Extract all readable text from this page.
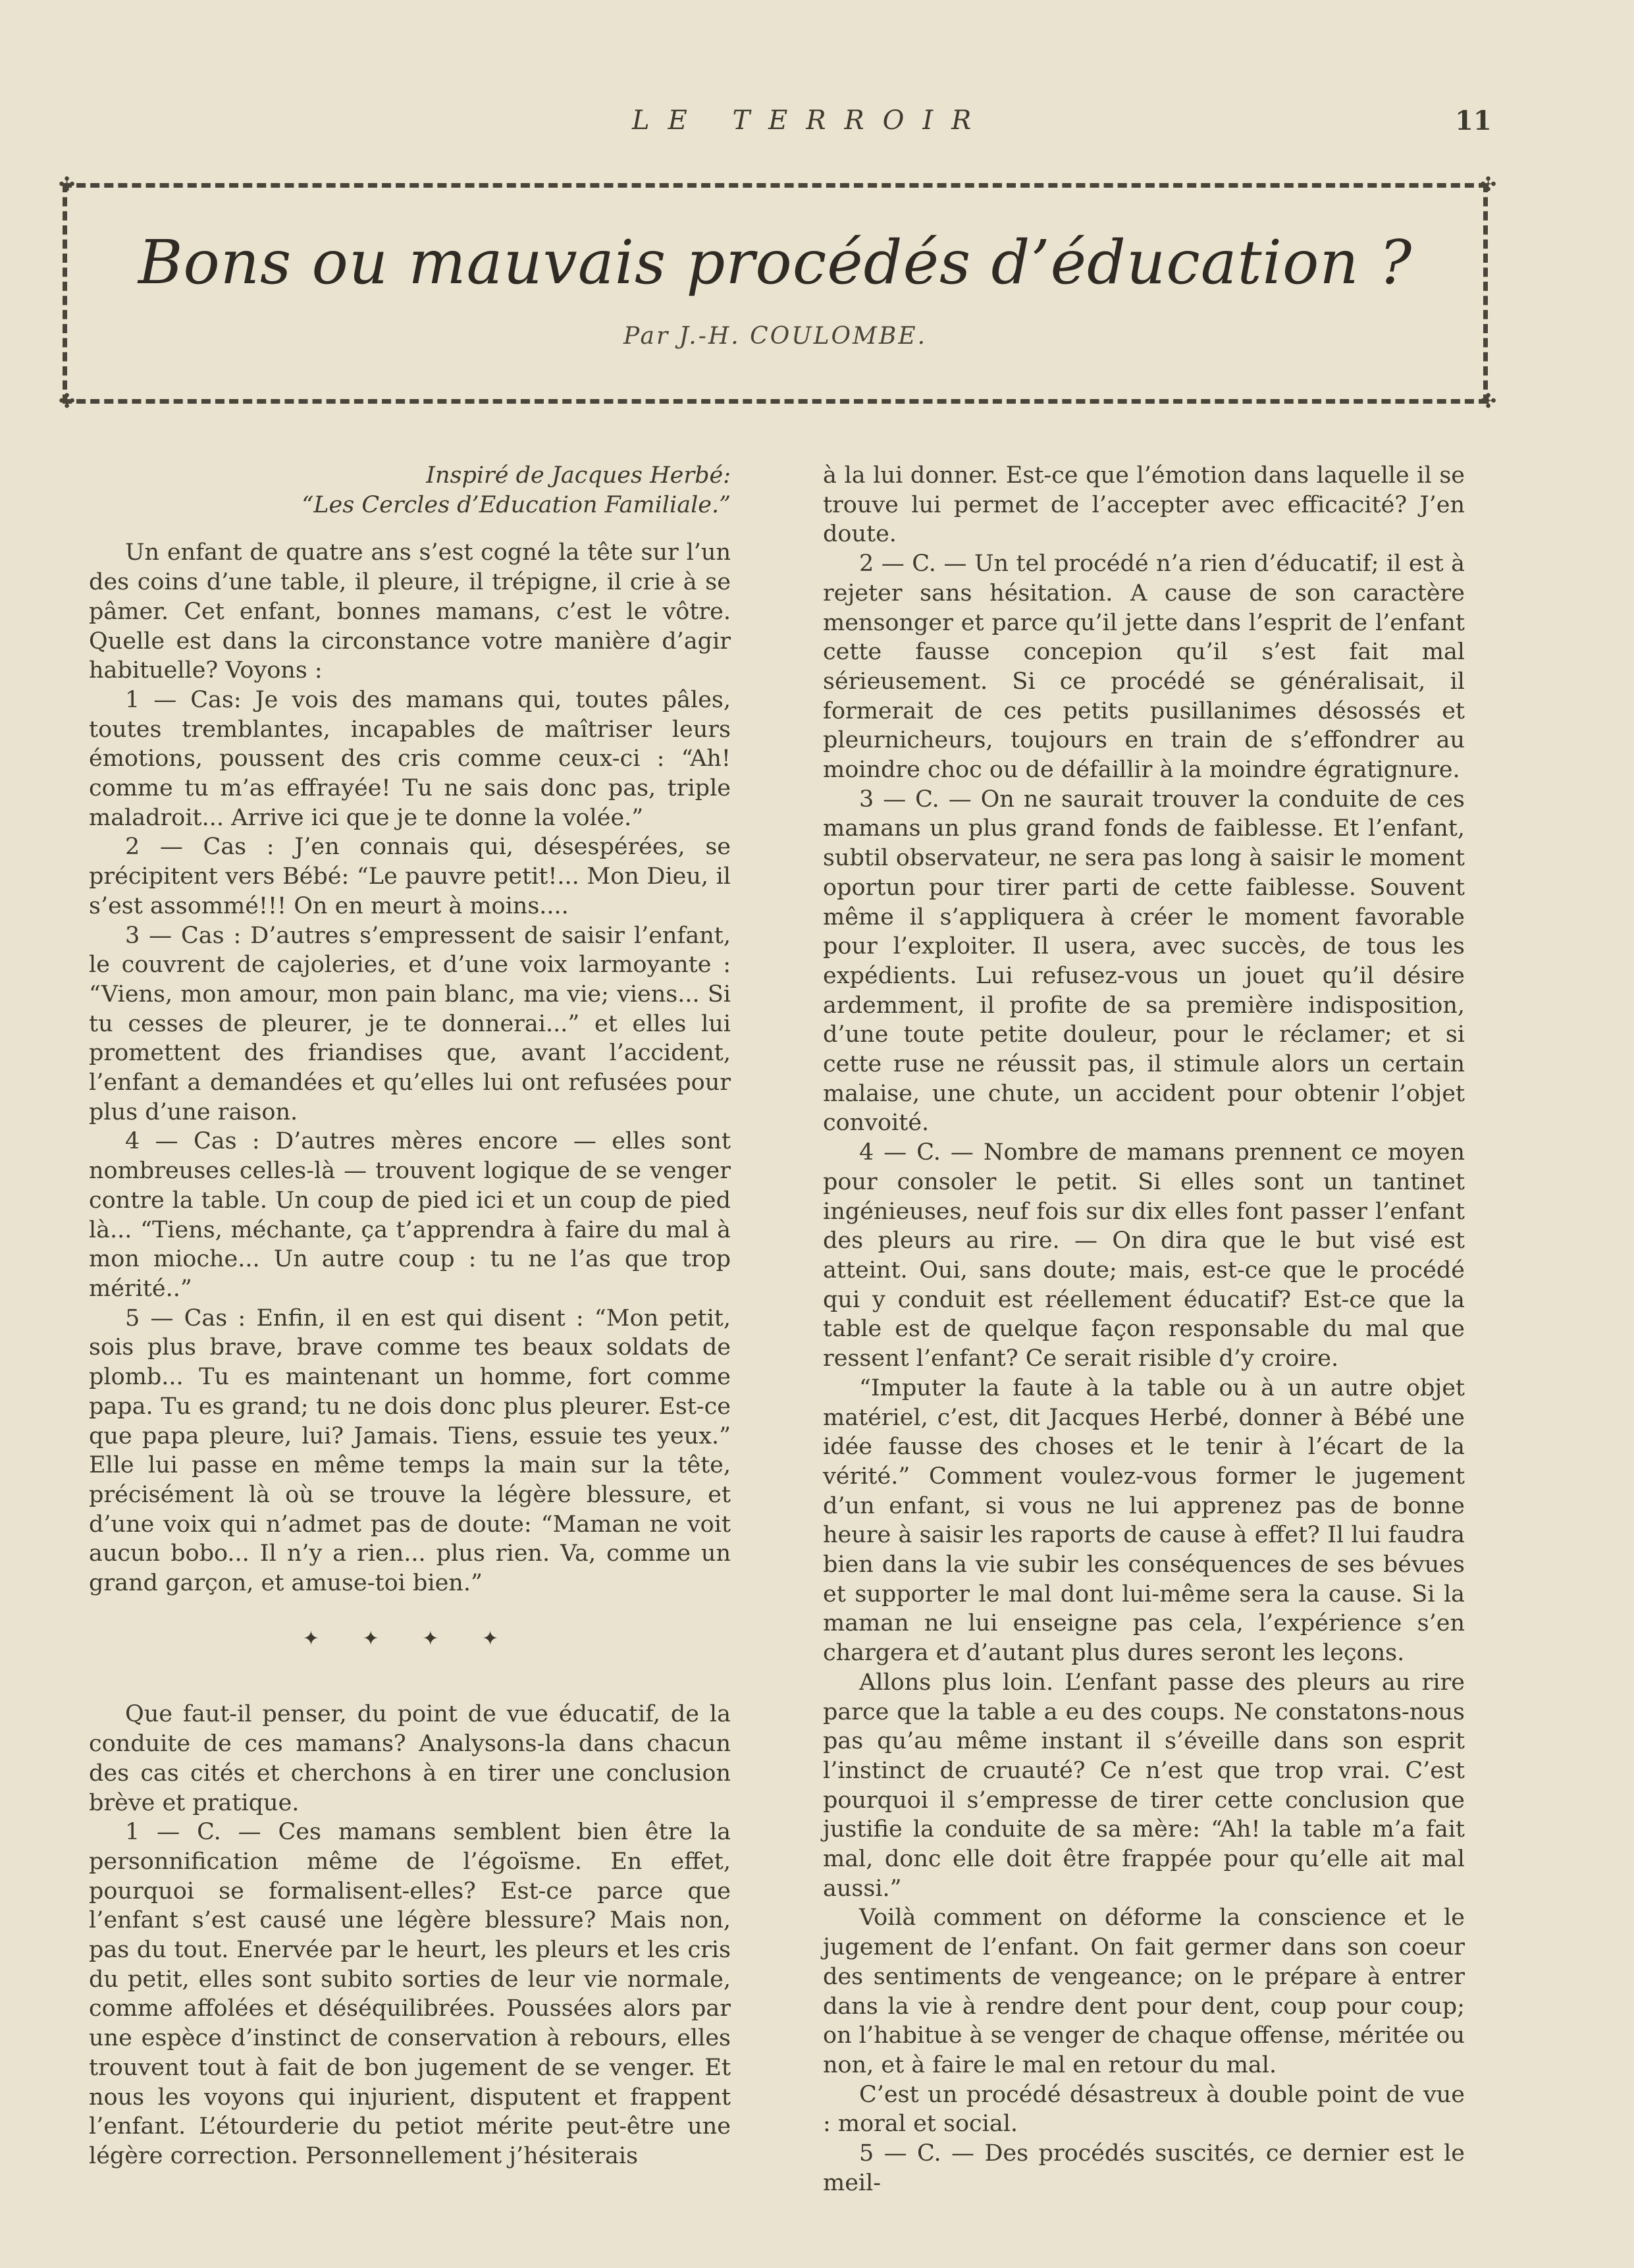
LE TERROIR	11
✣	✣
✣	✣
Bons ou mauvais procédés d’éducation ?
Par J.-H. COULOMBE.
Inspiré de Jacques Herbé:
“Les Cercles d’Education Familiale.”

Un enfant de quatre ans s’est cogné la tête sur l’un des coins d’une table, il pleure, il trépigne, il crie à se pâmer. Cet enfant, bonnes mamans, c’est le vôtre. Quelle est dans la circonstance votre manière d’agir habituelle? Voyons :

1 — Cas: Je vois des mamans qui, toutes pâles, toutes tremblantes, incapables de maîtriser leurs émotions, poussent des cris comme ceux-ci : “Ah! comme tu m’as effrayée! Tu ne sais donc pas, triple maladroit... Arrive ici que je te donne la volée.”

2 — Cas : J’en connais qui, désespérées, se précipitent vers Bébé: “Le pauvre petit!... Mon Dieu, il s’est assommé!!! On en meurt à moins....

3 — Cas : D’autres s’empressent de saisir l’enfant, le couvrent de cajoleries, et d’une voix larmoyante : “Viens, mon amour, mon pain blanc, ma vie; viens... Si tu cesses de pleurer, je te donnerai...” et elles lui promettent des friandises que, avant l’accident, l’enfant a demandées et qu’elles lui ont refusées pour plus d’une raison.

4 — Cas : D’autres mères encore — elles sont nombreuses celles-là — trouvent logique de se venger contre la table. Un coup de pied ici et un coup de pied là... “Tiens, méchante, ça t’apprendra à faire du mal à mon mioche... Un autre coup : tu ne l’as que trop mérité..”

5 — Cas : Enfin, il en est qui disent : “Mon petit, sois plus brave, brave comme tes beaux soldats de plomb... Tu es maintenant un homme, fort comme papa. Tu es grand; tu ne dois donc plus pleurer. Est-ce que papa pleure, lui? Jamais. Tiens, essuie tes yeux.” Elle lui passe en même temps la main sur la tête, précisément là où se trouve la légère blessure, et d’une voix qui n’admet pas de doute: “Maman ne voit aucun bobo... Il n’y a rien... plus rien. Va, comme un grand garçon, et amuse-toi bien.”

✦ ✦ ✦ ✦

Que faut-il penser, du point de vue éducatif, de la conduite de ces mamans? Analysons-la dans chacun des cas cités et cherchons à en tirer une conclusion brève et pratique.

1 — C. — Ces mamans semblent bien être la personnification même de l’égoïsme. En effet, pourquoi se formalisent-elles? Est-ce parce que l’enfant s’est causé une légère blessure? Mais non, pas du tout. Enervée par le heurt, les pleurs et les cris du petit, elles sont subito sorties de leur vie normale, comme affolées et déséquilibrées. Poussées alors par une espèce d’instinct de conservation à rebours, elles trouvent tout à fait de bon jugement de se venger. Et nous les voyons qui injurient, disputent et frappent l’enfant. L’étourderie du petiot mérite peut-être une légère correction. Personnellement j’hésiterais

à la lui donner. Est-ce que l’émotion dans laquelle il se trouve lui permet de l’accepter avec efficacité? J’en doute.

2 — C. — Un tel procédé n’a rien d’éducatif; il est à rejeter sans hésitation. A cause de son caractère mensonger et parce qu’il jette dans l’esprit de l’enfant cette fausse concepion qu’il s’est fait mal sérieusement. Si ce procédé se généralisait, il formerait de ces petits pusillanimes désossés et pleurnicheurs, toujours en train de s’effondrer au moindre choc ou de défaillir à la moindre égratignure.

3 — C. — On ne saurait trouver la conduite de ces mamans un plus grand fonds de faiblesse. Et l’enfant, subtil observateur, ne sera pas long à saisir le moment oportun pour tirer parti de cette faiblesse. Souvent même il s’appliquera à créer le moment favorable pour l’exploiter. Il usera, avec succès, de tous les expédients. Lui refusez-vous un jouet qu’il désire ardemment, il profite de sa première indisposition, d’une toute petite douleur, pour le réclamer; et si cette ruse ne réussit pas, il stimule alors un certain malaise, une chute, un accident pour obtenir l’objet convoité.

4 — C. — Nombre de mamans prennent ce moyen pour consoler le petit. Si elles sont un tantinet ingénieuses, neuf fois sur dix elles font passer l’enfant des pleurs au rire. — On dira que le but visé est atteint. Oui, sans doute; mais, est-ce que le procédé qui y conduit est réellement éducatif? Est-ce que la table est de quelque façon responsable du mal que ressent l’enfant? Ce serait risible d’y croire.

“Imputer la faute à la table ou à un autre objet matériel, c’est, dit Jacques Herbé, donner à Bébé une idée fausse des choses et le tenir à l’écart de la vérité.” Comment voulez-vous former le jugement d’un enfant, si vous ne lui apprenez pas de bonne heure à saisir les raports de cause à effet? Il lui faudra bien dans la vie subir les conséquences de ses bévues et supporter le mal dont lui-même sera la cause. Si la maman ne lui enseigne pas cela, l’expérience s’en chargera et d’autant plus dures seront les leçons.

Allons plus loin. L’enfant passe des pleurs au rire parce que la table a eu des coups. Ne constatons-nous pas qu’au même instant il s’éveille dans son esprit l’instinct de cruauté? Ce n’est que trop vrai. C’est pourquoi il s’empresse de tirer cette conclusion que justifie la conduite de sa mère: “Ah! la table m’a fait mal, donc elle doit être frappée pour qu’elle ait mal aussi.”

Voilà comment on déforme la conscience et le jugement de l’enfant. On fait germer dans son coeur des sentiments de vengeance; on le prépare à entrer dans la vie à rendre dent pour dent, coup pour coup; on l’habitue à se venger de chaque offense, méritée ou non, et à faire le mal en retour du mal.

C’est un procédé désastreux à double point de vue : moral et social.

5 — C. — Des procédés suscités, ce dernier est le meil-
